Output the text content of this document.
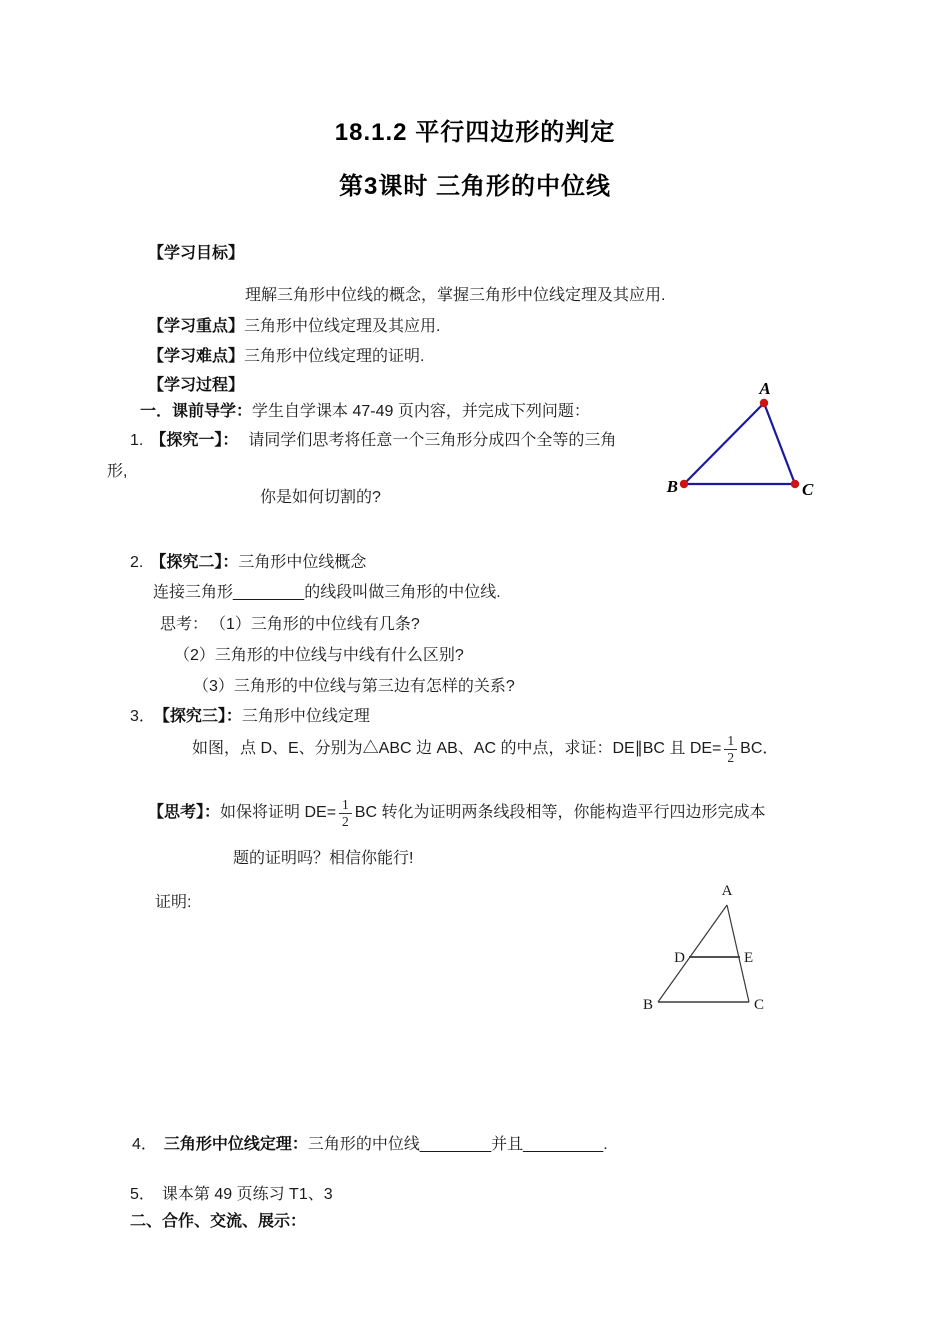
18.1.2 平行四边形的判定
第3课时 三角形的中位线
【学习目标】
理解三角形中位线的概念，掌握三角形中位线定理及其应用.
【学习重点】三角形中位线定理及其应用.
【学习难点】三角形中位线定理的证明.
【学习过程】
一．课前导学：学生自学课本 47-49 页内容，并完成下列问题：
1. 【探究一】： 请同学们思考将任意一个三角形分成四个全等的三角
形,
你是如何切割的?
A
B	C
2. 【探究二】：三角形中位线概念
连接三角形________的线段叫做三角形的中位线.
思考： （1）三角形的中位线有几条?
（2）三角形的中位线与中线有什么区别?
（3）三角形的中位线与第三边有怎样的关系?
3． 【探究三】：三角形中位线定理
如图，点 D、E、分别为△ABC 边 AB、AC 的中点，求证：DE∥BC 且 $DE= \frac{1}{2}$ BC．
【思考】： 如保将证明 $DE= \frac{1}{2}$ BC 转化为证明两条线段相等，你能构造平行四边形完成本
题的证明吗？相信你能行!
证明:
A
D	E
B	C
4． 三角形中位线定理：三角形的中位线________并且_________.
5． 课本第 49 页练习 T1、3
二、合作、交流、展示：
